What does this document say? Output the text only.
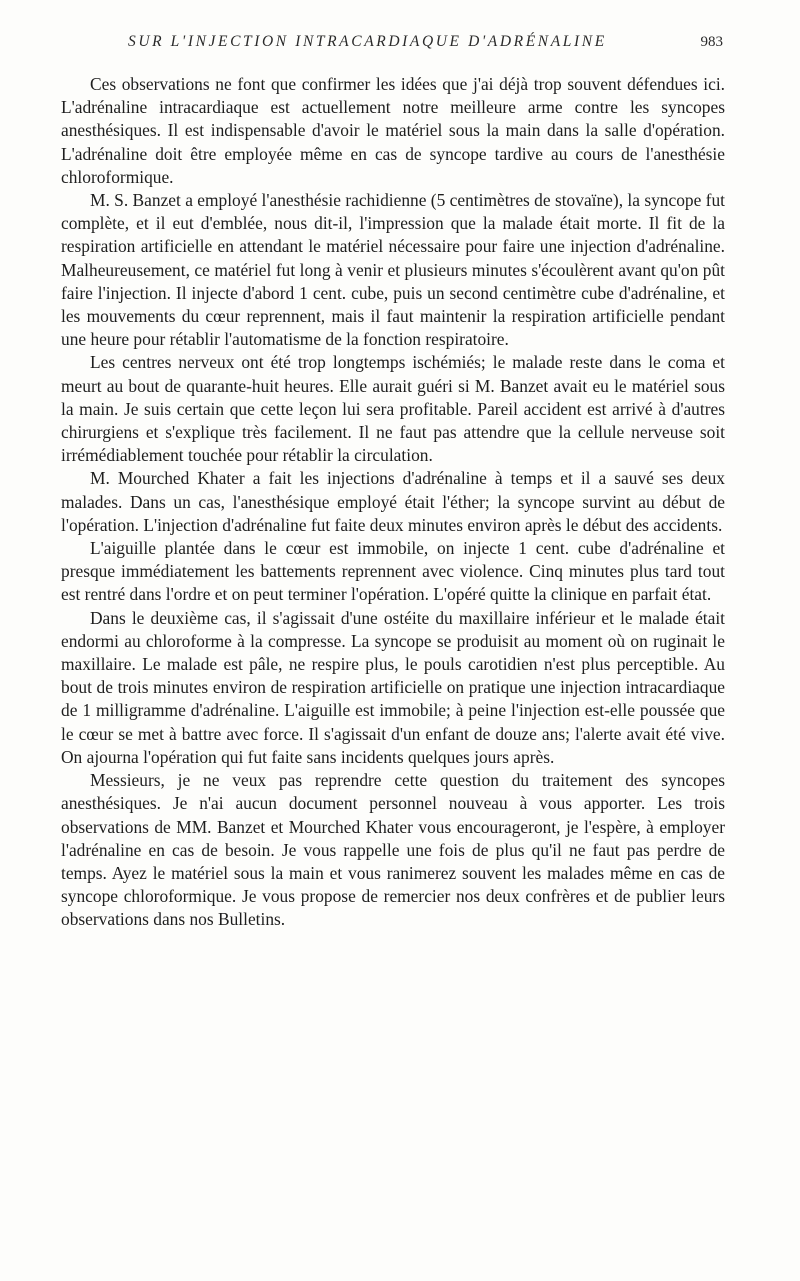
SUR L'INJECTION INTRACARDIAQUE D'ADRÉNALINE	983

Ces observations ne font que confirmer les idées que j'ai déjà trop souvent défendues ici. L'adrénaline intracardiaque est actuellement notre meilleure arme contre les syncopes anesthésiques. Il est indispensable d'avoir le matériel sous la main dans la salle d'opération. L'adrénaline doit être employée même en cas de syncope tardive au cours de l'anesthésie chloroformique.

M. S. Banzet a employé l'anesthésie rachidienne (5 centimètres de stovaïne), la syncope fut complète, et il eut d'emblée, nous dit-il, l'impression que la malade était morte. Il fit de la respiration artificielle en attendant le matériel nécessaire pour faire une injection d'adrénaline. Malheureusement, ce matériel fut long à venir et plusieurs minutes s'écoulèrent avant qu'on pût faire l'injection. Il injecte d'abord 1 cent. cube, puis un second centimètre cube d'adrénaline, et les mouvements du cœur reprennent, mais il faut maintenir la respiration artificielle pendant une heure pour rétablir l'automatisme de la fonction respiratoire.

Les centres nerveux ont été trop longtemps ischémiés; le malade reste dans le coma et meurt au bout de quarante-huit heures. Elle aurait guéri si M. Banzet avait eu le matériel sous la main. Je suis certain que cette leçon lui sera profitable. Pareil accident est arrivé à d'autres chirurgiens et s'explique très facilement. Il ne faut pas attendre que la cellule nerveuse soit irrémédiablement touchée pour rétablir la circulation.

M. Mourched Khater a fait les injections d'adrénaline à temps et il a sauvé ses deux malades. Dans un cas, l'anesthésique employé était l'éther; la syncope survint au début de l'opération. L'injection d'adrénaline fut faite deux minutes environ après le début des accidents.

L'aiguille plantée dans le cœur est immobile, on injecte 1 cent. cube d'adrénaline et presque immédiatement les battements reprennent avec violence. Cinq minutes plus tard tout est rentré dans l'ordre et on peut terminer l'opération. L'opéré quitte la clinique en parfait état.

Dans le deuxième cas, il s'agissait d'une ostéite du maxillaire inférieur et le malade était endormi au chloroforme à la compresse. La syncope se produisit au moment où on ruginait le maxillaire. Le malade est pâle, ne respire plus, le pouls carotidien n'est plus perceptible. Au bout de trois minutes environ de respiration artificielle on pratique une injection intracardiaque de 1 milligramme d'adrénaline. L'aiguille est immobile; à peine l'injection est-elle poussée que le cœur se met à battre avec force. Il s'agissait d'un enfant de douze ans; l'alerte avait été vive. On ajourna l'opération qui fut faite sans incidents quelques jours après.

Messieurs, je ne veux pas reprendre cette question du traitement des syncopes anesthésiques. Je n'ai aucun document personnel nouveau à vous apporter. Les trois observations de MM. Banzet et Mourched Khater vous encourageront, je l'espère, à employer l'adrénaline en cas de besoin. Je vous rappelle une fois de plus qu'il ne faut pas perdre de temps. Ayez le matériel sous la main et vous ranimerez souvent les malades même en cas de syncope chloroformique. Je vous propose de remercier nos deux confrères et de publier leurs observations dans nos Bulletins.
